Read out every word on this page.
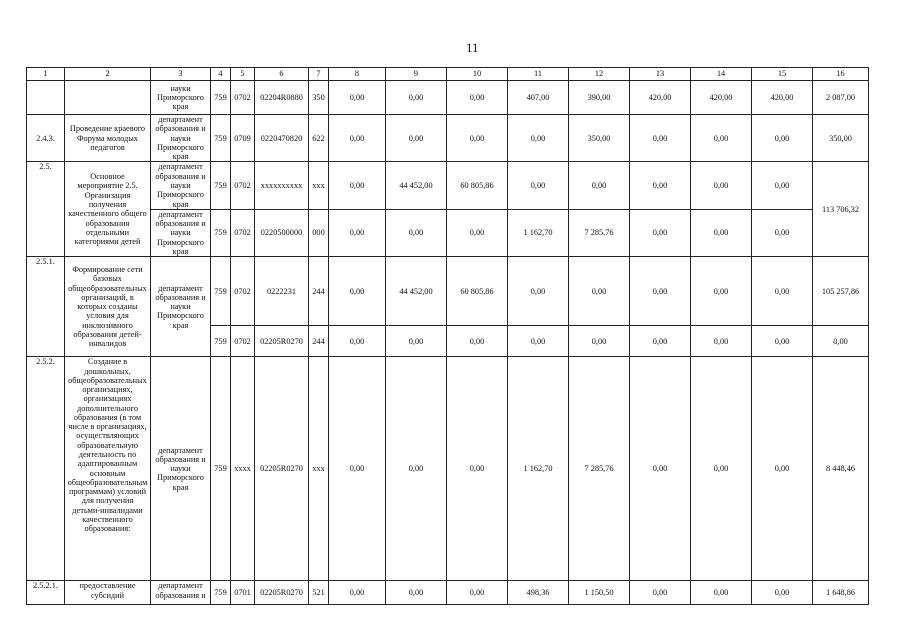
11
1	2	3	4	5	6	7	8	9	10	11	12	13	14	15	16
		науки Приморского края	759	0702	02204R0880	350	0,00	0,00	0,00	407,00	390,00	420,00	420,00	420,00	2 087,00
2.4.3.	Проведение краевого Форума молодых педагогов	департамент образования и науки Приморского края	759	0709	0220470820	622	0,00	0,00	0,00	0,00	350,00	0,00	0,00	0,00	350,00
2.5.	Основное мероприятие 2.5. Организация получения качественного общего образования отдельными категориями детей	департамент образования и науки Приморского края	759	0702	xxxxxxxxxx	xxx	0,00	44 452,00	60 805,86	0,00	0,00	0,00	0,00	0,00	113 706,32
		департамент образования и науки Приморского края	759	0702	0220500000	000	0,00	0,00	0,00	1 162,70	7 285,76	0,00	0,00	0,00	
2.5.1.	Формирование сети базовых общеобразовательных организаций, в которых созданы условия для инклюзивного образования детей-инвалидов	департамент образования и науки Приморского края	759	0702	0222231	244	0,00	44 452,00	60 805,86	0,00	0,00	0,00	0,00	0,00	105 257,86
			759	0702	02205R0270	244	0,00	0,00	0,00	0,00	0,00	0,00	0,00	0,00	0,00
2.5.2.	Создание в дошкольных, общеобразовательных организациях, организациях дополнительного образования (в том числе в организациях, осуществляющих образовательную деятельность по адаптированным основным общеобразовательным программам) условий для получения детьми-инвалидами качественного образования:	департамент образования и науки Приморского края	759	xxxx	02205R0270	xxx	0,00	0,00	0,00	1 162,70	7 285,76	0,00	0,00	0,00	8 448,46
2.5.2.1.	предоставление субсидий	департамент образования и	759	0701	02205R0270	521	0,00	0,00	0,00	498,36	1 150,50	0,00	0,00	0,00	1 648,86
